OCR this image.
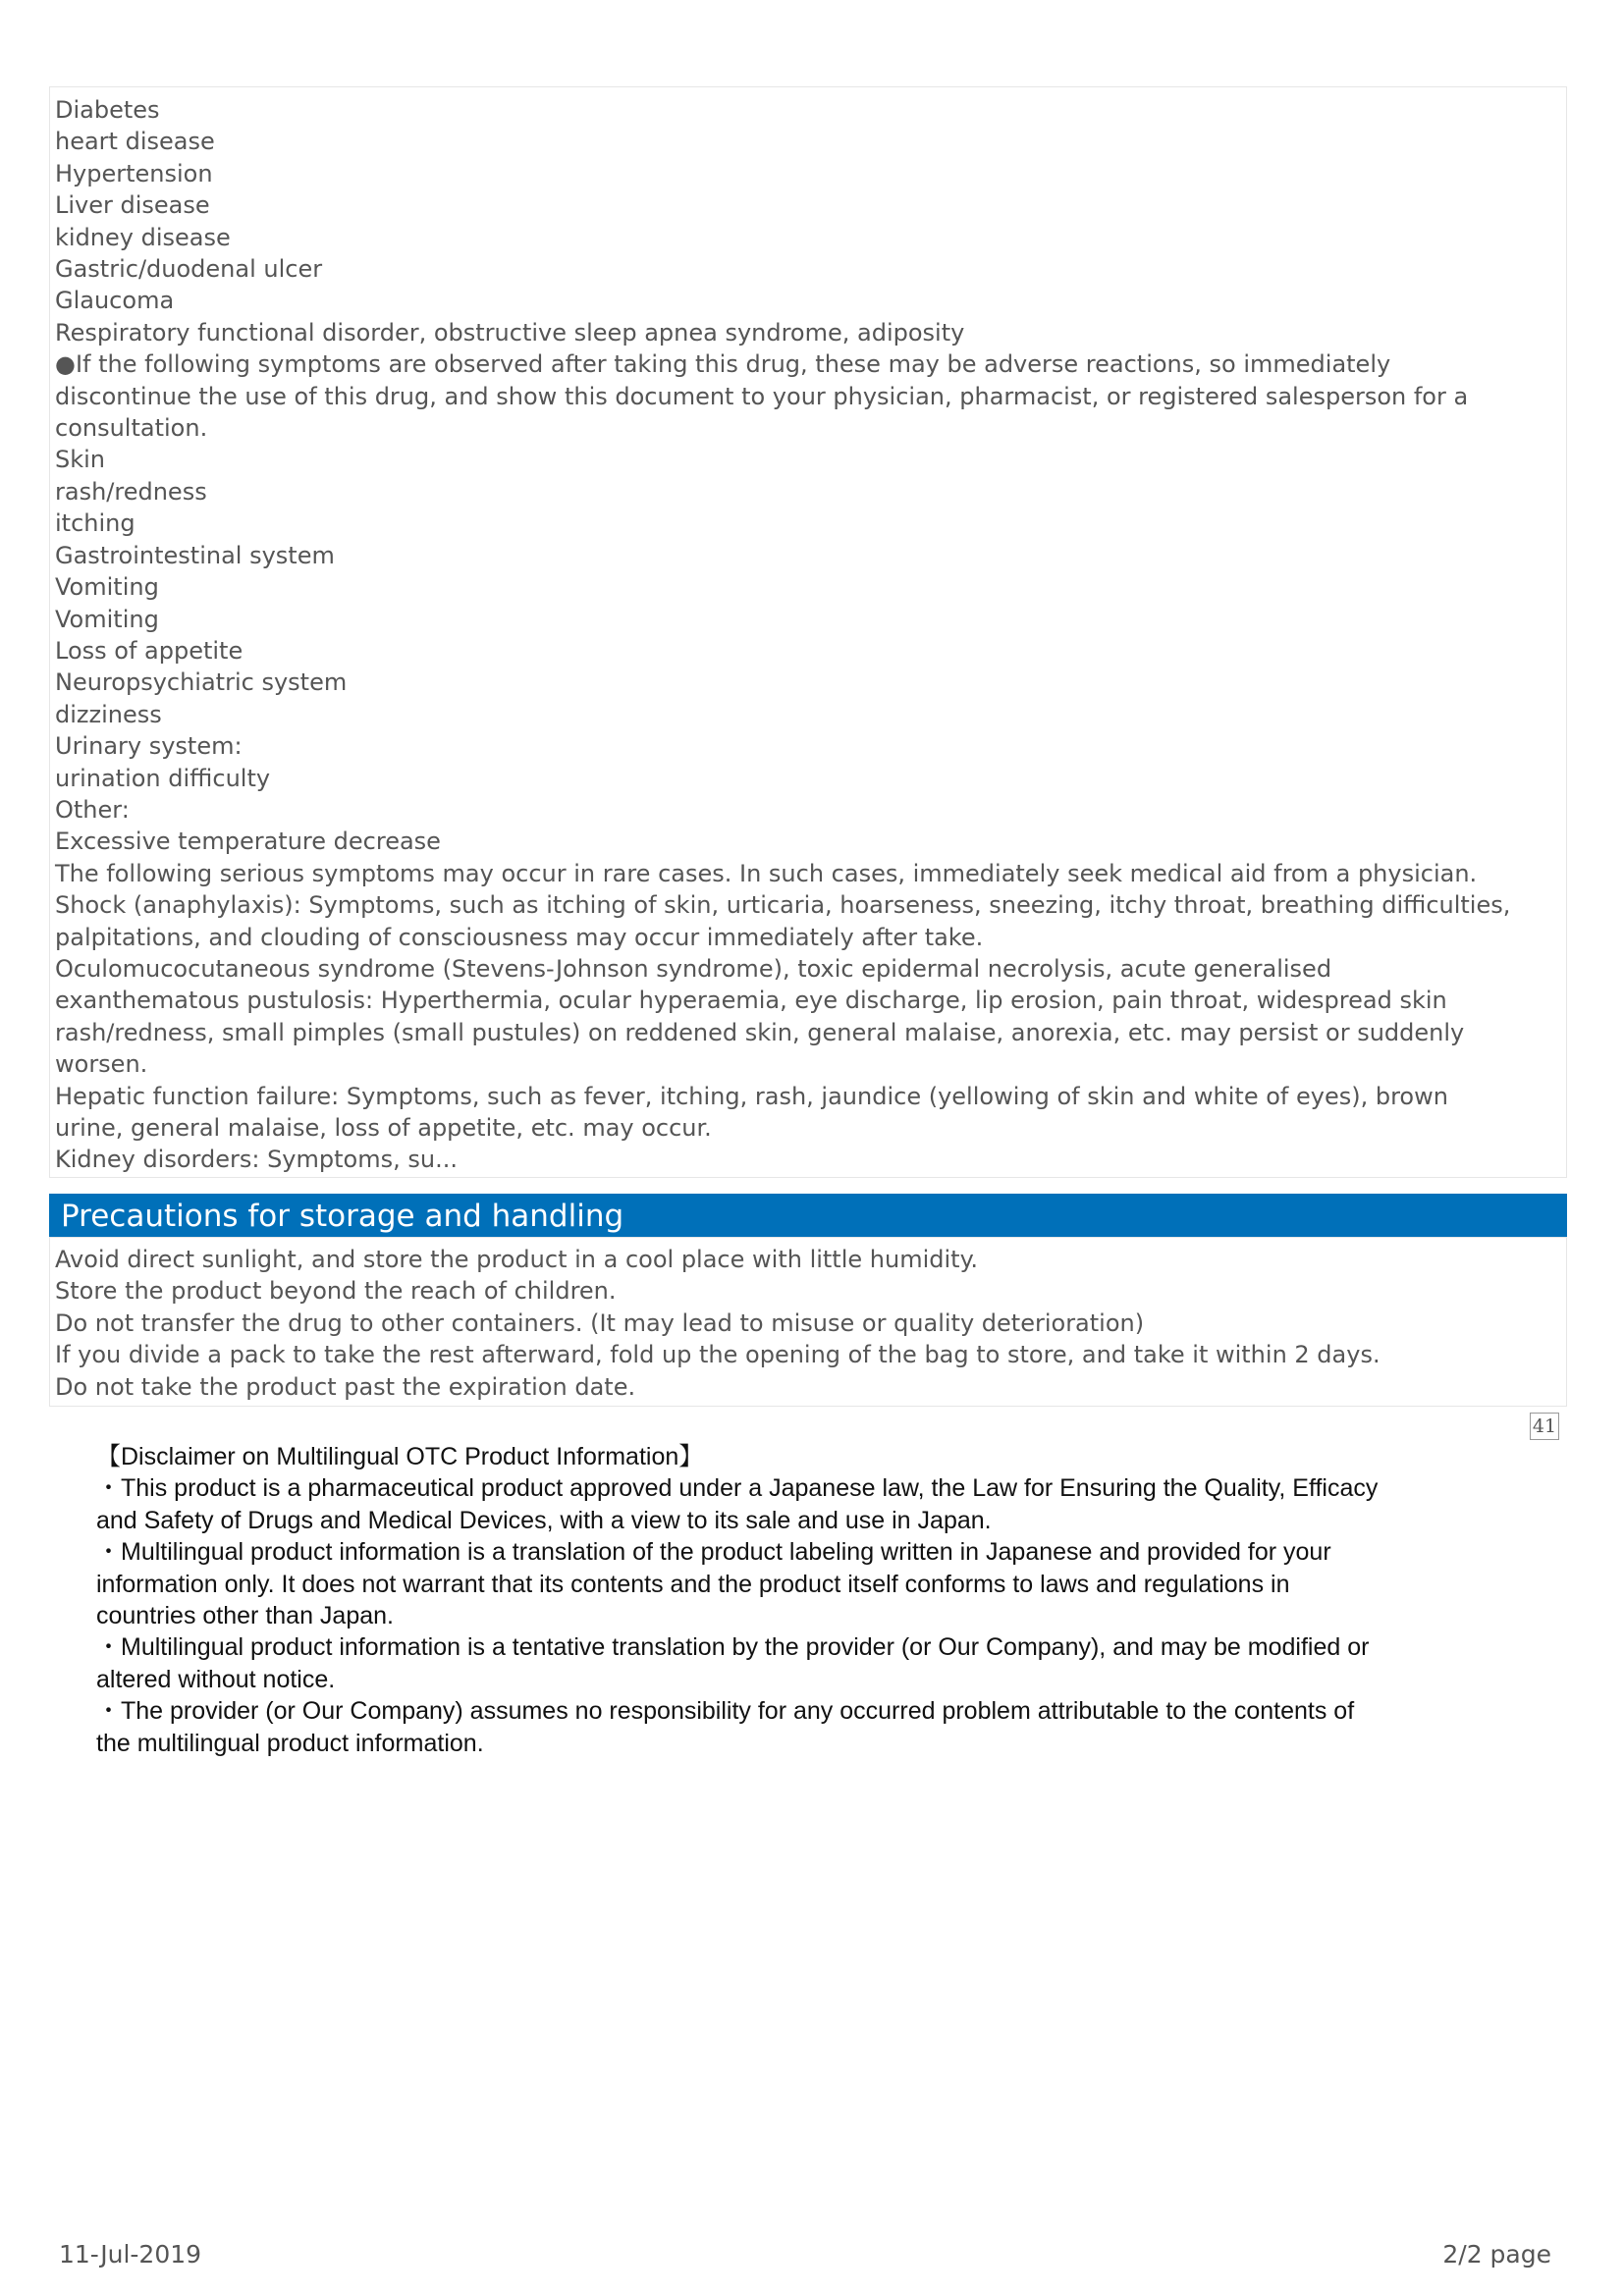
Diabetes
heart disease
Hypertension
Liver disease
kidney disease
Gastric/duodenal ulcer
Glaucoma
Respiratory functional disorder, obstructive sleep apnea syndrome, adiposity
●If the following symptoms are observed after taking this drug, these may be adverse reactions, so immediately
discontinue the use of this drug, and show this document to your physician, pharmacist, or registered salesperson for a
consultation.
Skin
rash/redness
itching
Gastrointestinal system
Vomiting
Vomiting
Loss of appetite
Neuropsychiatric system
dizziness
Urinary system:
urination difficulty
Other:
Excessive temperature decrease
The following serious symptoms may occur in rare cases. In such cases, immediately seek medical aid from a physician.
Shock (anaphylaxis): Symptoms, such as itching of skin, urticaria, hoarseness, sneezing, itchy throat, breathing difficulties,
palpitations, and clouding of consciousness may occur immediately after take.
Oculomucocutaneous syndrome (Stevens-Johnson syndrome), toxic epidermal necrolysis, acute generalised
exanthematous pustulosis: Hyperthermia, ocular hyperaemia, eye discharge, lip erosion, pain throat, widespread skin
rash/redness, small pimples (small pustules) on reddened skin, general malaise, anorexia, etc. may persist or suddenly
worsen.
Hepatic function failure: Symptoms, such as fever, itching, rash, jaundice (yellowing of skin and white of eyes), brown
urine, general malaise, loss of appetite, etc. may occur.
Kidney disorders: Symptoms, su...
Precautions for storage and handling
Avoid direct sunlight, and store the product in a cool place with little humidity.
Store the product beyond the reach of children.
Do not transfer the drug to other containers. (It may lead to misuse or quality deterioration)
If you divide a pack to take the rest afterward, fold up the opening of the bag to store, and take it within 2 days.
Do not take the product past the expiration date.
41
【Disclaimer on Multilingual OTC Product Information】
・This product is a pharmaceutical product approved under a Japanese law, the Law for Ensuring the Quality, Efficacy
and Safety of Drugs and Medical Devices, with a view to its sale and use in Japan.
・Multilingual product information is a translation of the product labeling written in Japanese and provided for your
information only. It does not warrant that its contents and the product itself conforms to laws and regulations in
countries other than Japan.
・Multilingual product information is a tentative translation by the provider (or Our Company), and may be modified or
altered without notice.
・The provider (or Our Company) assumes no responsibility for any occurred problem attributable to the contents of
the multilingual product information.
11-Jul-2019	2/2 page
